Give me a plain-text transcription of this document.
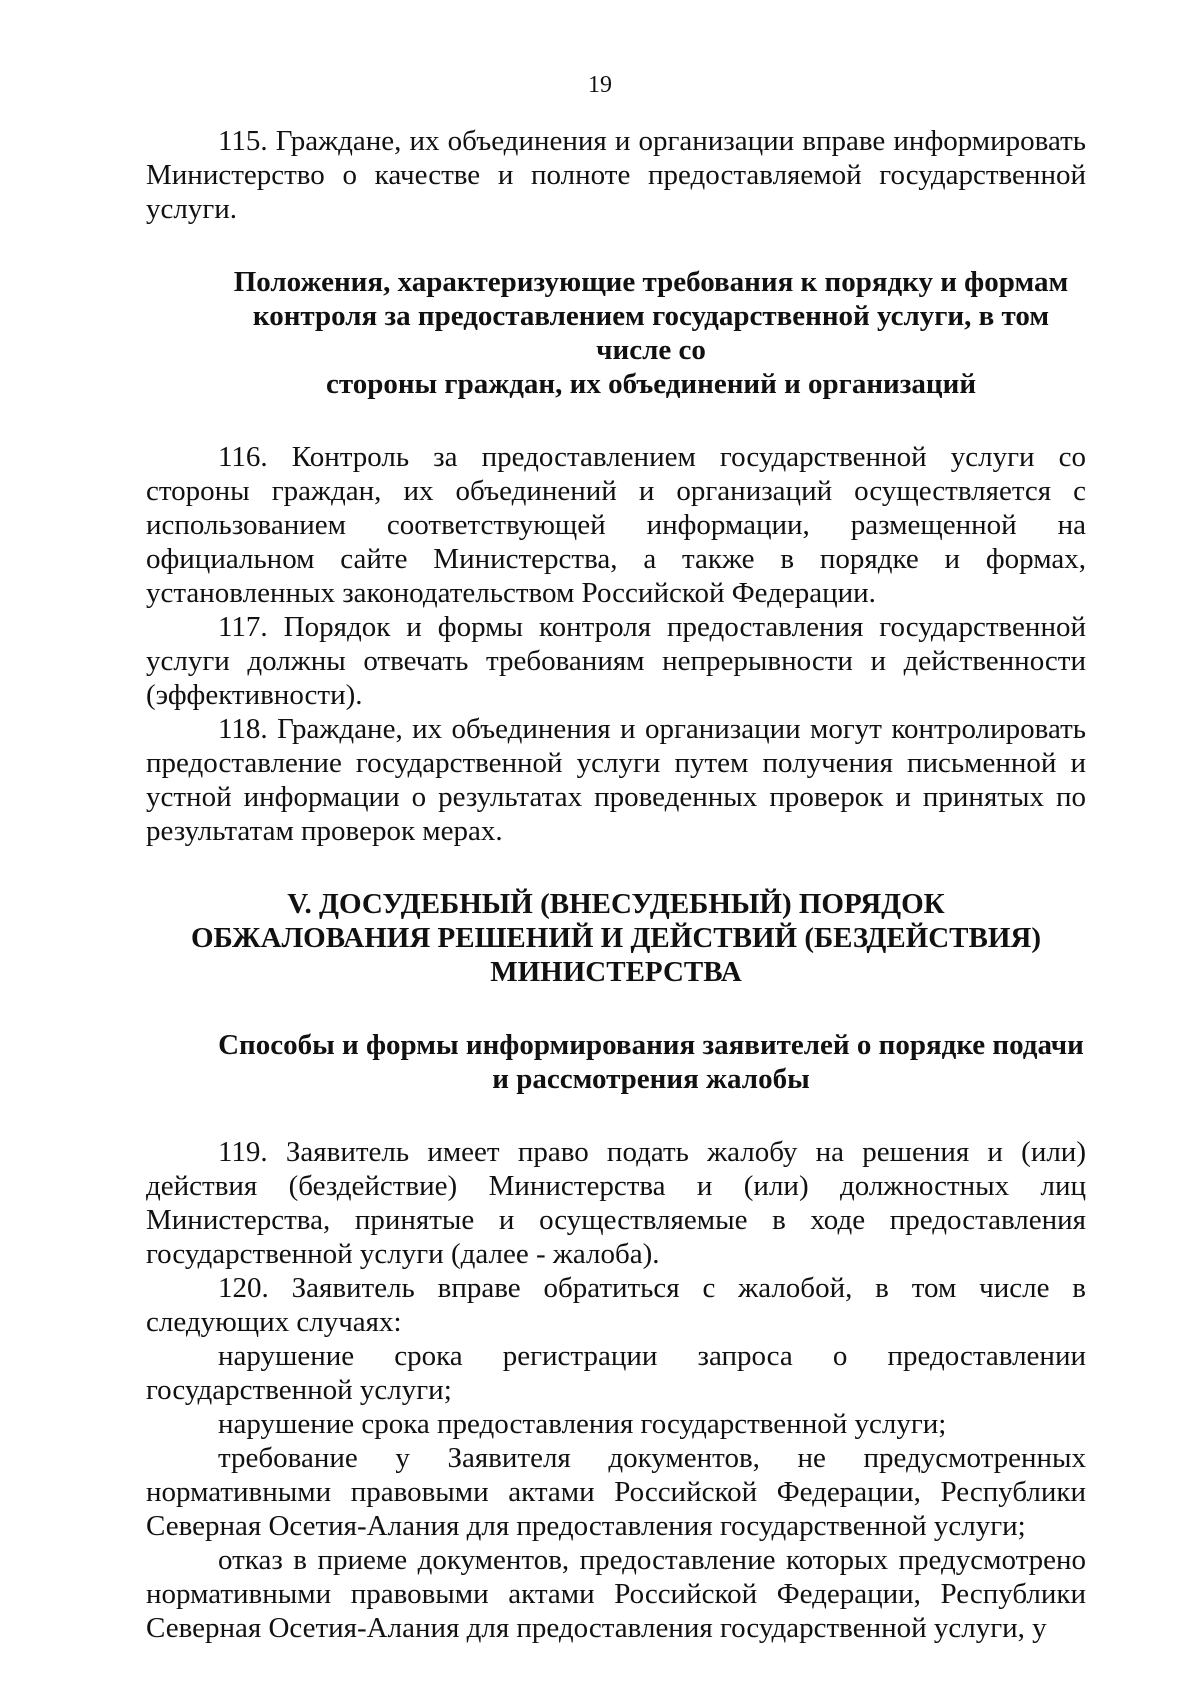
19

115. Граждане, их объединения и организации вправе информировать Министерство о качестве и полноте предоставляемой государственной услуги.

Положения, характеризующие требования к порядку и формам
контроля за предоставлением государственной услуги, в том числе со
стороны граждан, их объединений и организаций

116. Контроль за предоставлением государственной услуги со стороны граждан, их объединений и организаций осуществляется с использованием соответствующей информации, размещенной на официальном сайте Министерства, а также в порядке и формах, установленных законодательством Российской Федерации.

117. Порядок и формы контроля предоставления государственной услуги должны отвечать требованиям непрерывности и действенности (эффективности).

118. Граждане, их объединения и организации могут контролировать предоставление государственной услуги путем получения письменной и устной информации о результатах проведенных проверок и принятых по результатам проверок мерах.

V. ДОСУДЕБНЫЙ (ВНЕСУДЕБНЫЙ) ПОРЯДОК
ОБЖАЛОВАНИЯ РЕШЕНИЙ И ДЕЙСТВИЙ (БЕЗДЕЙСТВИЯ)
МИНИСТЕРСТВА
Способы и формы информирования заявителей о порядке подачи
и рассмотрения жалобы

119. Заявитель имеет право подать жалобу на решения и (или) действия (бездействие) Министерства и (или) должностных лиц Министерства, принятые и осуществляемые в ходе предоставления государственной услуги (далее - жалоба).

120. Заявитель вправе обратиться с жалобой, в том числе в следующих случаях:

нарушение срока регистрации запроса о предоставлении государственной услуги;

нарушение срока предоставления государственной услуги;

требование у Заявителя документов, не предусмотренных нормативными правовыми актами Российской Федерации, Республики Северная Осетия-Алания для предоставления государственной услуги;

отказ в приеме документов, предоставление которых предусмотрено нормативными правовыми актами Российской Федерации, Республики Северная Осетия-Алания для предоставления государственной услуги, у
